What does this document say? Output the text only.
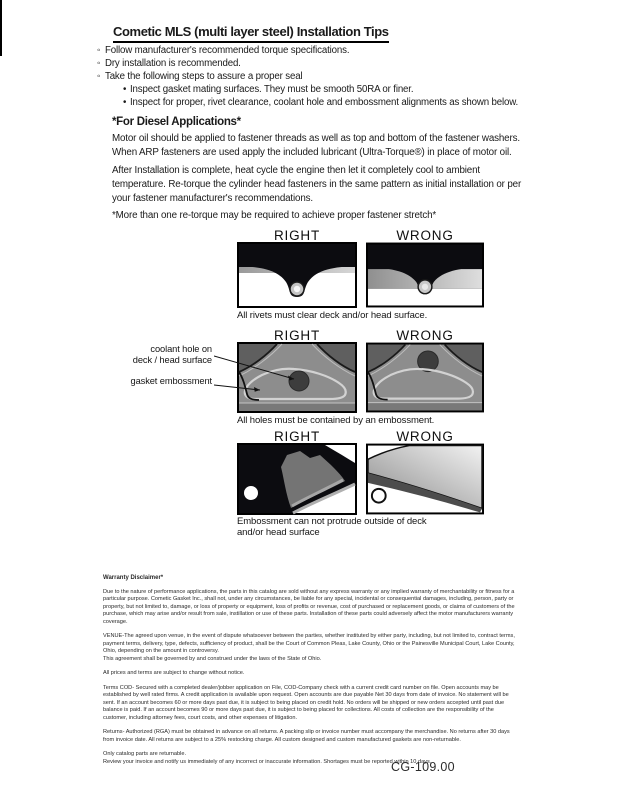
Cometic MLS (multi layer steel) Installation Tips
◦ Follow manufacturer's recommended torque specifications.
◦ Dry installation is recommended.
◦ Take the following steps to assure a proper seal
• Inspect gasket mating surfaces. They must be smooth 50RA or finer.
• Inspect for proper, rivet clearance, coolant hole and embossment alignments as shown below.
*For Diesel Applications*
Motor oil should be applied to fastener threads as well as top and bottom of the fastener washers. When ARP fasteners are used apply the included lubricant (Ultra-Torque®) in place of motor oil.
After Installation is complete, heat cycle the engine then let it completely cool to ambient temperature. Re-torque the cylinder head fasteners in the same pattern as initial installation or per your fastener manufacturer's recommendations.
*More than one re-torque may be required to achieve proper fastener stretch*
RIGHT	WRONG
All rivets must clear deck and/or head surface.
RIGHT	WRONG
coolant hole on
deck / head surface
gasket embossment
All holes must be contained by an embossment.
RIGHT	WRONG
Embossment can not protrude outside of deck and/or head surface
Warranty Disclaimer*

Due to the nature of performance applications, the parts in this catalog are sold without any express warranty or any implied warranty of merchantability or fitness for a particular purpose. Cometic Gasket Inc., shall not, under any circumstances, be liable for any special, incidental or consequential damages, including, person, party or property, but not limited to, damage, or loss of property or equipment, loss of profits or revenue, cost of purchased or replacement goods, or claims of customers of the purchase, which may arise and/or result from sale, instillation or use of these parts. Installation of these parts could adversely affect the motor manufacturers warranty coverage.

VENUE-The agreed upon venue, in the event of dispute whatsoever between the parties, whether instituted by either party, including, but not limited to, contract terms, payment terms, delivery, type, defects, sufficiency of product, shall be the Court of Common Pleas, Lake County, Ohio or the Painesville Municipal Court, Lake County, Ohio, depending on the amount in controversy.

This agreement shall be governed by and construed under the laws of the State of Ohio.

All prices and terms are subject to change without notice.

Terms COD- Secured with a completed dealer/jobber application on File, COD-Company check with a current credit card number on file. Open accounts may be established by well rated firms. A credit application is available upon request. Open accounts are due payable Net 30 days from date of invoice. No statement will be sent. If an account becomes 60 or more days past due, it is subject to being placed on credit hold. No orders will be shipped or new orders accepted until past due balance is paid. If an account becomes 90 or more days past due, it is subject to being placed for collections. All costs of collection are the responsibility of the customer, including attorney fees, court costs, and other expenses of litigation.

Returns- Authorized (RGA) must be obtained in advance on all returns. A packing slip or invoice number must accompany the merchandise. No returns after 30 days from invoice date. All returns are subject to a 25% restocking charge. All custom designed and custom manufactured gaskets are non-returnable.

Only catalog parts are returnable.

Review your invoice and notify us immediately of any incorrect or inaccurate information. Shortages must be reported within 10 days.

CG-109.00
